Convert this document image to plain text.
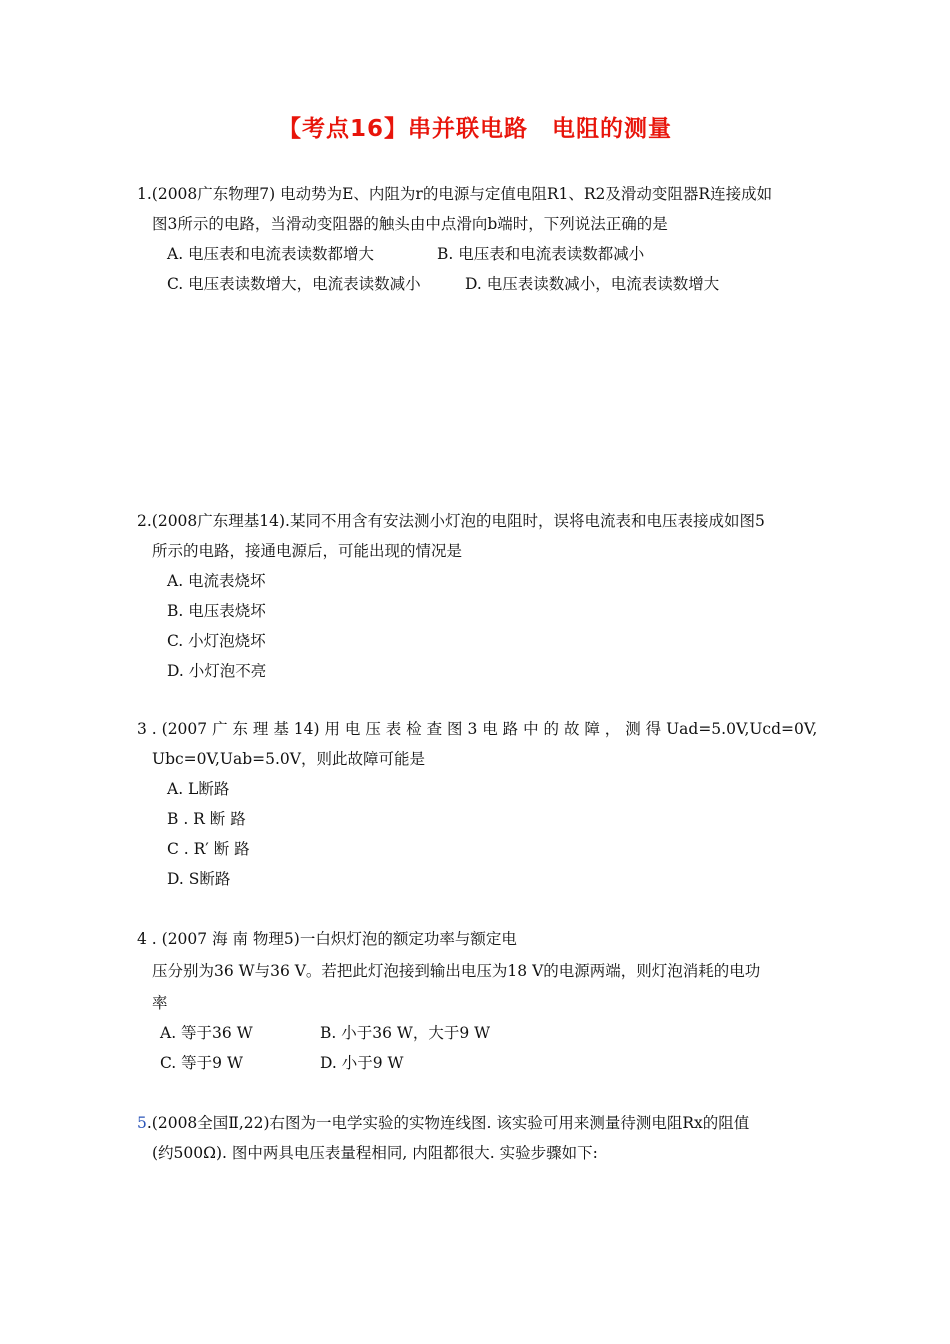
【考点16】串并联电路　电阻的测量
1.(2008广东物理7) 电动势为E、内阻为r的电源与定值电阻R1、R2及滑动变阻器R连接成如
图3所示的电路，当滑动变阻器的触头由中点滑向b端时，下列说法正确的是
A. 电压表和电流表读数都增大	B. 电压表和电流表读数都减小
C. 电压表读数增大，电流表读数减小	D. 电压表读数减小，电流表读数增大
2.(2008广东理基14).某同不用含有安法测小灯泡的电阻时，误将电流表和电压表接成如图5
所示的电路，接通电源后，可能出现的情况是
A. 电流表烧坏
B. 电压表烧坏
C. 小灯泡烧坏
D. 小灯泡不亮
3 . (2007 广 东 理 基 14) 用 电 压 表 检 查 图 3 电 路 中 的 故 障 ， 测 得 Uad=5.0V,Ucd=0V,
Ubc=0V,Uab=5.0V，则此故障可能是
A. L断路
B . R 断 路
C . R′ 断 路
D. S断路
4 . (2007 海 南 物理5)一白炽灯泡的额定功率与额定电
压分别为36 W与36 V。若把此灯泡接到输出电压为18 V的电源两端，则灯泡消耗的电功
率
A. 等于36 W	B. 小于36 W，大于9 W
C. 等于9 W	D. 小于9 W
5.(2008全国Ⅱ,22)右图为一电学实验的实物连线图. 该实验可用来测量待测电阻Rx的阻值
(约500Ω). 图中两具电压表量程相同, 内阻都很大. 实验步骤如下:
